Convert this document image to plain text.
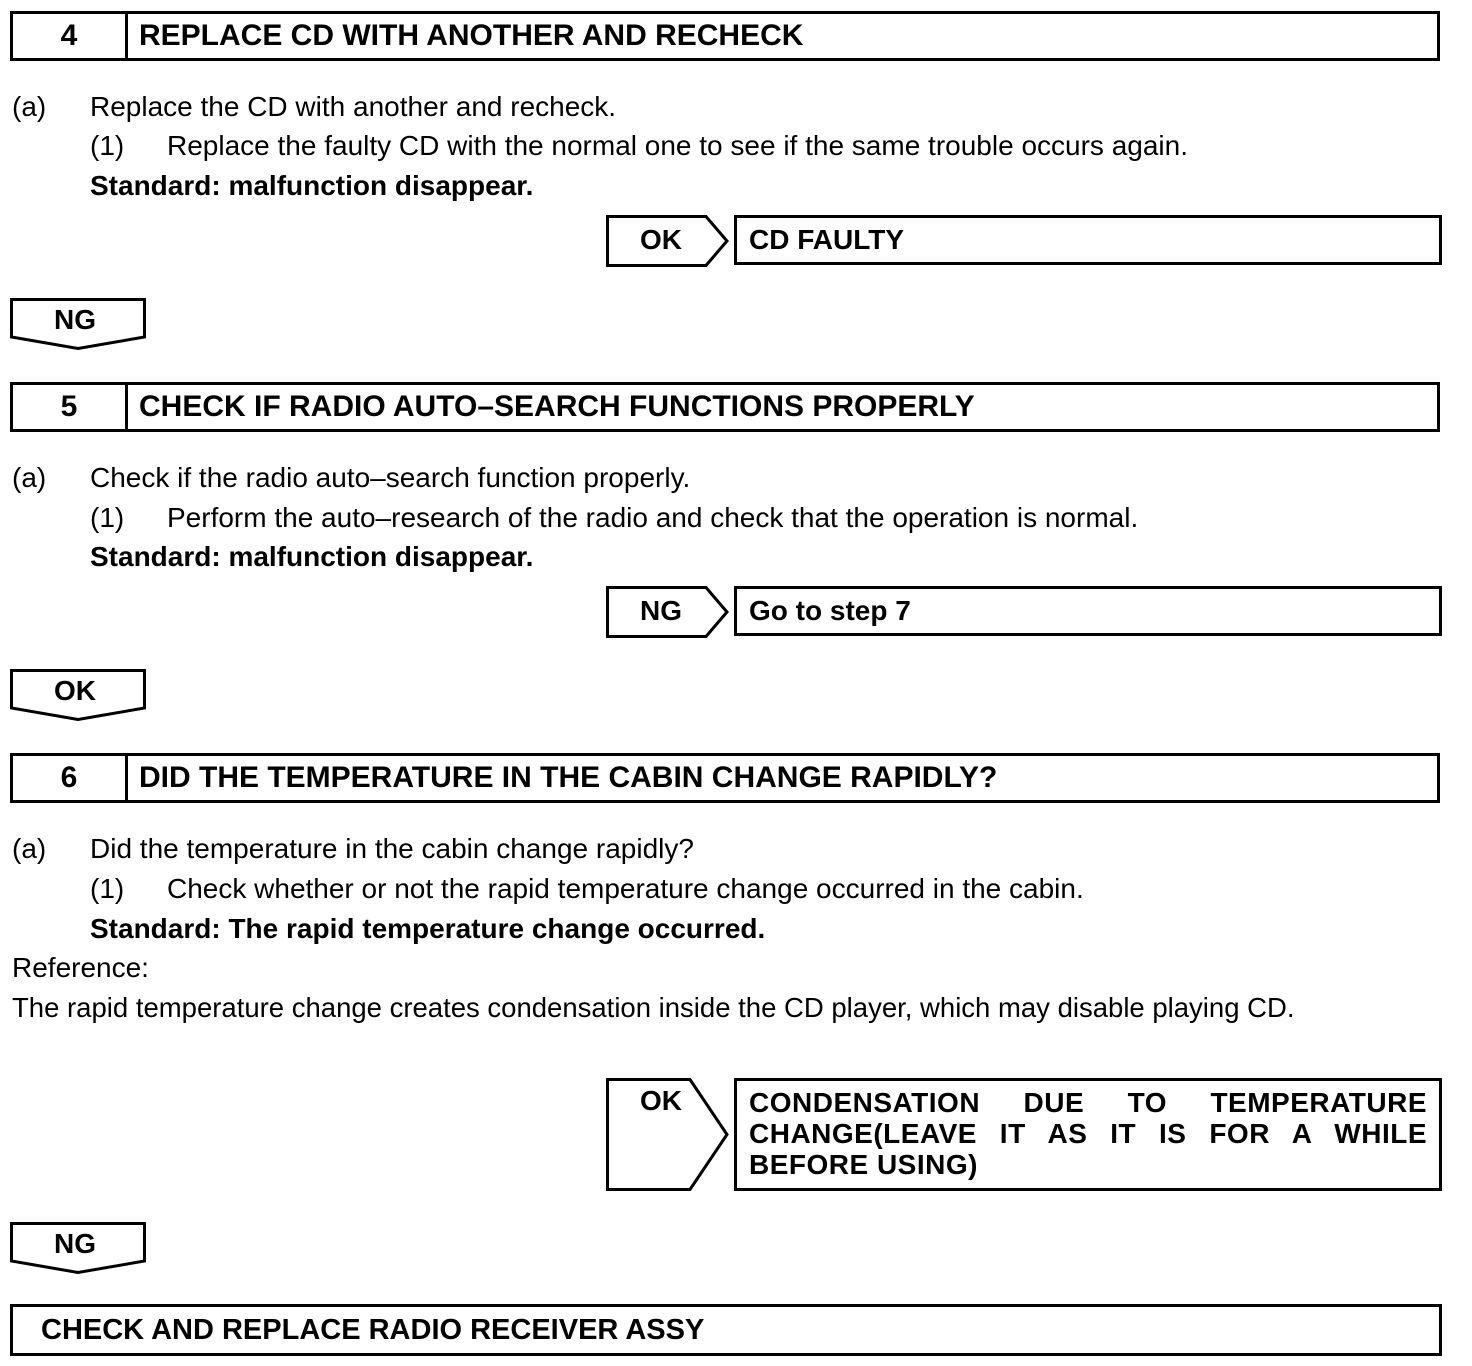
4	REPLACE CD WITH ANOTHER AND RECHECK
(a) Replace the CD with another and recheck.
(1) Replace the faulty CD with the normal one to see if the same trouble occurs again.
Standard: malfunction disappear.
OK	CD FAULTY
NG
5	CHECK IF RADIO AUTO–SEARCH FUNCTIONS PROPERLY
(a) Check if the radio auto–search function properly.
(1) Perform the auto–research of the radio and check that the operation is normal.
Standard: malfunction disappear.
NG	Go to step 7
OK
6	DID THE TEMPERATURE IN THE CABIN CHANGE RAPIDLY?
(a) Did the temperature in the cabin change rapidly?
(1) Check whether or not the rapid temperature change occurred in the cabin.
Standard: The rapid temperature change occurred.
Reference:
The rapid temperature change creates condensation inside the CD player, which may disable playing CD.
OK	CONDENSATION DUE TO TEMPERATURE CHANGE(LEAVE IT AS IT IS FOR A WHILE BEFORE USING)
NG
CHECK AND REPLACE RADIO RECEIVER ASSY
